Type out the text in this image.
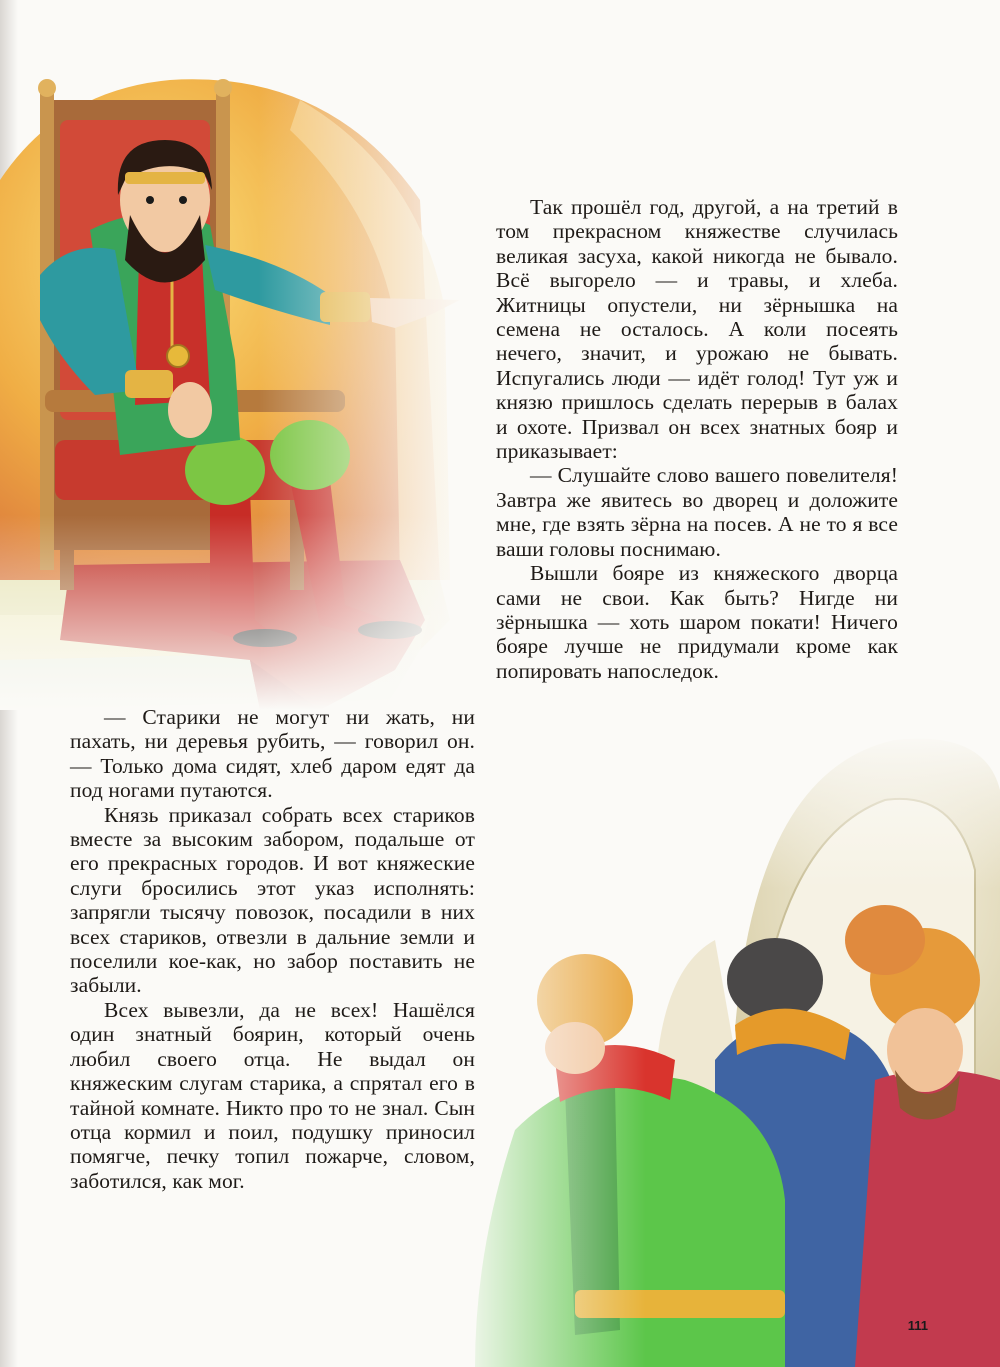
Так прошёл год, другой, а на третий в том прекрасном княжестве случилась великая засуха, какой никогда не бывало. Всё выгорело — и травы, и хлеба. Житницы опустели, ни зёрнышка на семена не осталось. А коли посеять нечего, значит, и урожаю не бывать. Испугались люди — идёт голод! Тут уж и князю пришлось сделать перерыв в балах и охоте. Призвал он всех знатных бояр и приказывает:

— Слушайте слово вашего повелителя! Завтра же явитесь во дворец и доложите мне, где взять зёрна на посев. А не то я все ваши головы поснимаю.

Вышли бояре из княжеского дворца сами не свои. Как быть? Нигде ни зёрнышка — хоть шаром покати! Ничего бояре лучше не придумали кроме как попировать напоследок.

— Старики не могут ни жать, ни пахать, ни деревья рубить, — говорил он. — Только дома сидят, хлеб даром едят да под ногами путаются.

Князь приказал собрать всех стариков вместе за высоким забором, подальше от его прекрасных городов. И вот княжеские слуги бросились этот указ исполнять: запрягли тысячу повозок, посадили в них всех стариков, отвезли в дальние земли и поселили кое-как, но забор поставить не забыли.

Всех вывезли, да не всех! Нашёлся один знатный боярин, который очень любил своего отца. Не выдал он княжеским слугам старика, а спрятал его в тайной комнате. Никто про то не знал. Сын отца кормил и поил, подушку приносил помягче, печку топил пожарче, словом, заботился, как мог.

111
